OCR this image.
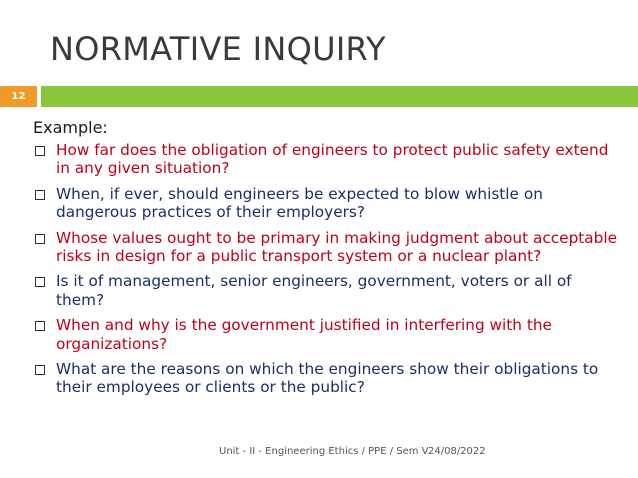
NORMATIVE INQUIRY
12
Example:
How far does the obligation of engineers to protect public safety extend in any given situation?
When, if ever, should engineers be expected to blow whistle on dangerous practices of their employers?
Whose values ought to be primary in making judgment about acceptable risks in design for a public transport system or a nuclear plant?
Is it of management, senior engineers, government, voters or all of them?
When and why is the government justified in interfering with the organizations?
What are the reasons on which the engineers show their obligations to their employees or clients or the public?
Unit - II - Engineering Ethics / PPE / Sem V 24/08/2022
